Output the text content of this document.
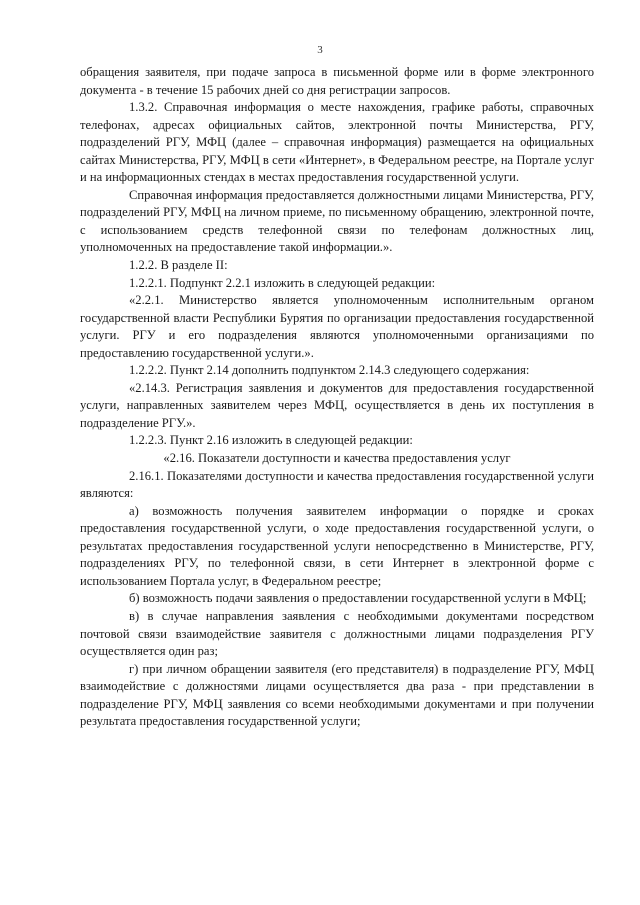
3

обращения заявителя, при подаче запроса в письменной форме или в форме электронного документа - в течение 15 рабочих дней со дня регистрации запросов.

1.3.2. Справочная информация о месте нахождения, графике работы, справочных телефонах, адресах официальных сайтов, электронной почты Министерства, РГУ, подразделений РГУ, МФЦ (далее – справочная информация) размещается на официальных сайтах Министерства, РГУ, МФЦ в сети «Интернет», в Федеральном реестре, на Портале услуг и на информационных стендах в местах предоставления государственной услуги.

Справочная информация предоставляется должностными лицами Министерства, РГУ, подразделений РГУ, МФЦ на личном приеме, по письменному обращению, электронной почте, с использованием средств телефонной связи по телефонам должностных лиц, уполномоченных на предоставление такой информации.».

1.2.2. В разделе II:

1.2.2.1. Подпункт 2.2.1 изложить в следующей редакции:

«2.2.1. Министерство является уполномоченным исполнительным органом государственной власти Республики Бурятия по организации предоставления государственной услуги. РГУ и его подразделения являются уполномоченными организациями по предоставлению государственной услуги.».

1.2.2.2. Пункт 2.14 дополнить подпунктом 2.14.3 следующего содержания:

«2.14.3. Регистрация заявления и документов для предоставления государственной услуги, направленных заявителем через МФЦ, осуществляется в день их поступления в подразделение РГУ.».

1.2.2.3. Пункт 2.16 изложить в следующей редакции:

«2.16. Показатели доступности и качества предоставления услуг

2.16.1. Показателями доступности и качества предоставления государственной услуги являются:

а) возможность получения заявителем информации о порядке и сроках предоставления государственной услуги, о ходе предоставления государственной услуги, о результатах предоставления государственной услуги непосредственно в Министерстве, РГУ, подразделениях РГУ, по телефонной связи, в сети Интернет в электронной форме с использованием Портала услуг, в Федеральном реестре;

б) возможность подачи заявления о предоставлении государственной услуги в МФЦ;

в) в случае направления заявления с необходимыми документами посредством почтовой связи взаимодействие заявителя с должностными лицами подразделения РГУ осуществляется один раз;

г) при личном обращении заявителя (его представителя) в подразделение РГУ, МФЦ взаимодействие с должностями лицами осуществляется два раза - при представлении в подразделение РГУ, МФЦ заявления со всеми необходимыми документами и при получении результата предоставления государственной услуги;
